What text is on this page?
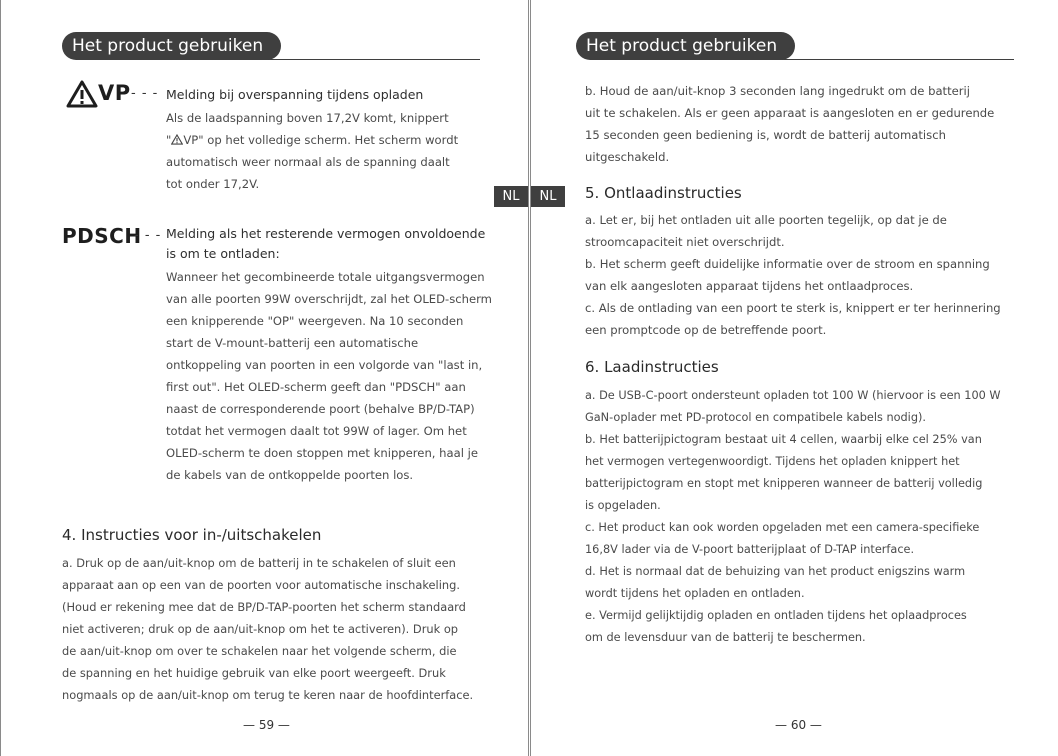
Het product gebruiken
VP - - - Melding bij overspanning tijdens opladen

Als de laadspanning boven 17,2V komt, knippert

" VP" op het volledige scherm. Het scherm wordt

automatisch weer normaal als de spanning daalt

tot onder 17,2V.

PDSCH
- - - Melding als het resterende vermogen onvoldoende
is om te ontladen:

Wanneer het gecombineerde totale uitgangsvermogen

van alle poorten 99W overschrijdt, zal het OLED-scherm

een knipperende "OP" weergeven. Na 10 seconden

start de V-mount-batterij een automatische

ontkoppeling van poorten in een volgorde van "last in,

first out". Het OLED-scherm geeft dan "PDSCH" aan

naast de corresponderende poort (behalve BP/D-TAP)

totdat het vermogen daalt tot 99W of lager. Om het

OLED-scherm te doen stoppen met knipperen, haal je

de kabels van de ontkoppelde poorten los.

4. Instructies voor in-/uitschakelen

a. Druk op de aan/uit-knop om de batterij in te schakelen of sluit een

apparaat aan op een van de poorten voor automatische inschakeling.

(Houd er rekening mee dat de BP/D-TAP-poorten het scherm standaard

niet activeren; druk op de aan/uit-knop om het te activeren). Druk op

de aan/uit-knop om over te schakelen naar het volgende scherm, die

de spanning en het huidige gebruik van elke poort weergeeft. Druk

nogmaals op de aan/uit-knop om terug te keren naar de hoofdinterface.

NL
— 59 —
Het product gebruiken
NL

b. Houd de aan/uit-knop 3 seconden lang ingedrukt om de batterij

uit te schakelen. Als er geen apparaat is aangesloten en er gedurende

15 seconden geen bediening is, wordt de batterij automatisch

uitgeschakeld.

5. Ontlaadinstructies

a. Let er, bij het ontladen uit alle poorten tegelijk, op dat je de

stroomcapaciteit niet overschrijdt.

b. Het scherm geeft duidelijke informatie over de stroom en spanning

van elk aangesloten apparaat tijdens het ontlaadproces.

c. Als de ontlading van een poort te sterk is, knippert er ter herinnering

een promptcode op de betreffende poort.

6. Laadinstructies

a. De USB-C-poort ondersteunt opladen tot 100 W (hiervoor is een 100 W

GaN-oplader met PD-protocol en compatibele kabels nodig).

b. Het batterijpictogram bestaat uit 4 cellen, waarbij elke cel 25% van

het vermogen vertegenwoordigt. Tijdens het opladen knippert het

batterijpictogram en stopt met knipperen wanneer de batterij volledig

is opgeladen.

c. Het product kan ook worden opgeladen met een camera-specifieke

16,8V lader via de V-poort batterijplaat of D-TAP interface.

d. Het is normaal dat de behuizing van het product enigszins warm

wordt tijdens het opladen en ontladen.

e. Vermijd gelijktijdig opladen en ontladen tijdens het oplaadproces

om de levensduur van de batterij te beschermen.

— 60 —
